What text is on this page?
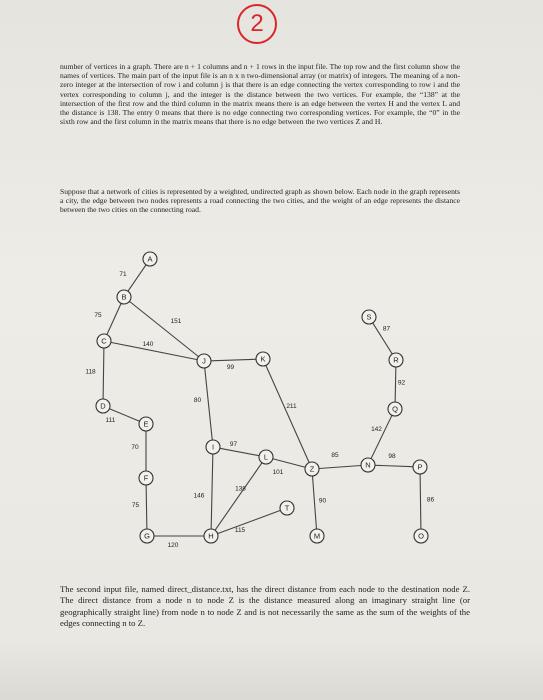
2

number of vertices in a graph. There are n + 1 columns and n + 1 rows in the input file. The top row and the first column show the names of vertices. The main part of the input file is an n x n two-dimensional array (or matrix) of integers. The meaning of a non-zero integer at the intersection of row i and column j is that there is an edge connecting the vertex corresponding to row i and the vertex corresponding to column j, and the integer is the distance between the two vertices. For example, the “138” at the intersection of the first row and the third column in the matrix means there is an edge between the vertex H and the vertex L and the distance is 138. The entry 0 means that there is no edge connecting two corresponding vertices. For example, the “0” in the sixth row and the first column in the matrix means that there is no edge between the two vertices Z and H.

Suppose that a network of cities is represented by a weighted, undirected graph as shown below. Each node in the graph represents a city, the edge between two nodes represents a road connecting the two cities, and the weight of an edge represents the distance between the two cities on the connecting road.

71
75
151
118
140
111
70
75
120
80
99
211
97
146
138
101
85
90
115
87
92
142
98
86
A
B
C
D
E
F
G	H
I
J	K
L
M
N
O
P
Q
R
S
T
Z

The second input file, named direct_distance.txt, has the direct distance from each node to the destination node Z. The direct distance from a node n to node Z is the distance measured along an imaginary straight line (or geographically straight line) from node n to node Z and is not necessarily the same as the sum of the weights of the edges connecting n to Z.
